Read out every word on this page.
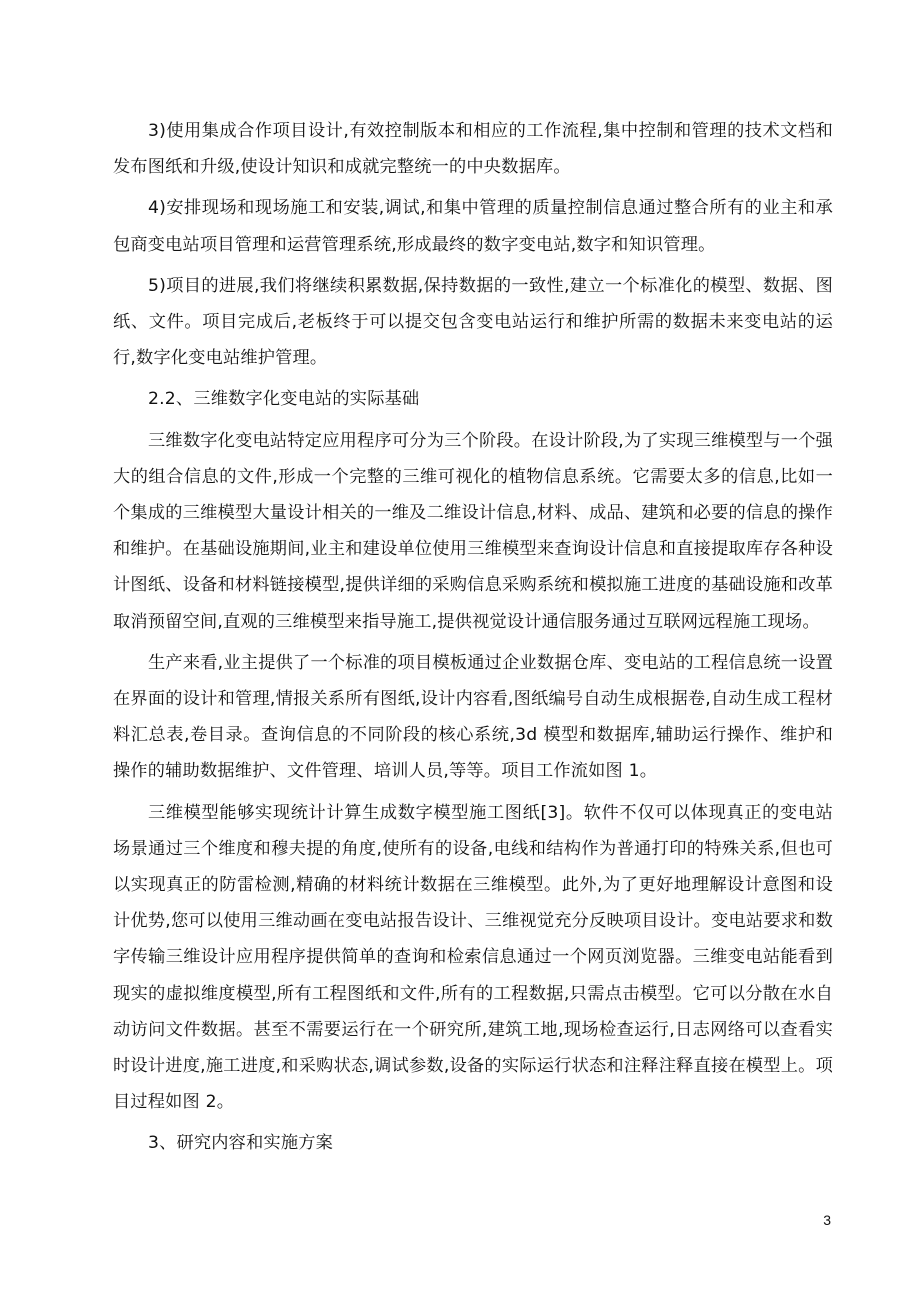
3)使用集成合作项目设计,有效控制版本和相应的工作流程,集中控制和管理的技术文档和发布图纸和升级,使设计知识和成就完整统一的中央数据库。

4)安排现场和现场施工和安装,调试,和集中管理的质量控制信息通过整合所有的业主和承包商变电站项目管理和运营管理系统,形成最终的数字变电站,数字和知识管理。

5)项目的进展,我们将继续积累数据,保持数据的一致性,建立一个标准化的模型、数据、图纸、文件。项目完成后,老板终于可以提交包含变电站运行和维护所需的数据未来变电站的运行,数字化变电站维护管理。

2.2、三维数字化变电站的实际基础

三维数字化变电站特定应用程序可分为三个阶段。在设计阶段,为了实现三维模型与一个强大的组合信息的文件,形成一个完整的三维可视化的植物信息系统。它需要太多的信息,比如一个集成的三维模型大量设计相关的一维及二维设计信息,材料、成品、建筑和必要的信息的操作和维护。在基础设施期间,业主和建设单位使用三维模型来查询设计信息和直接提取库存各种设计图纸、设备和材料链接模型,提供详细的采购信息采购系统和模拟施工进度的基础设施和改革取消预留空间,直观的三维模型来指导施工,提供视觉设计通信服务通过互联网远程施工现场。

生产来看,业主提供了一个标准的项目模板通过企业数据仓库、变电站的工程信息统一设置在界面的设计和管理,情报关系所有图纸,设计内容看,图纸编号自动生成根据卷,自动生成工程材料汇总表,卷目录。查询信息的不同阶段的核心系统,3d 模型和数据库,辅助运行操作、维护和操作的辅助数据维护、文件管理、培训人员,等等。项目工作流如图 1。

三维模型能够实现统计计算生成数字模型施工图纸[3]。软件不仅可以体现真正的变电站场景通过三个维度和穆夫提的角度,使所有的设备,电线和结构作为普通打印的特殊关系,但也可以实现真正的防雷检测,精确的材料统计数据在三维模型。此外,为了更好地理解设计意图和设计优势,您可以使用三维动画在变电站报告设计、三维视觉充分反映项目设计。变电站要求和数字传输三维设计应用程序提供简单的查询和检索信息通过一个网页浏览器。三维变电站能看到现实的虚拟维度模型,所有工程图纸和文件,所有的工程数据,只需点击模型。它可以分散在水自动访问文件数据。甚至不需要运行在一个研究所,建筑工地,现场检查运行,日志网络可以查看实时设计进度,施工进度,和采购状态,调试参数,设备的实际运行状态和注释注释直接在模型上。项目过程如图 2。

3、研究内容和实施方案

3
